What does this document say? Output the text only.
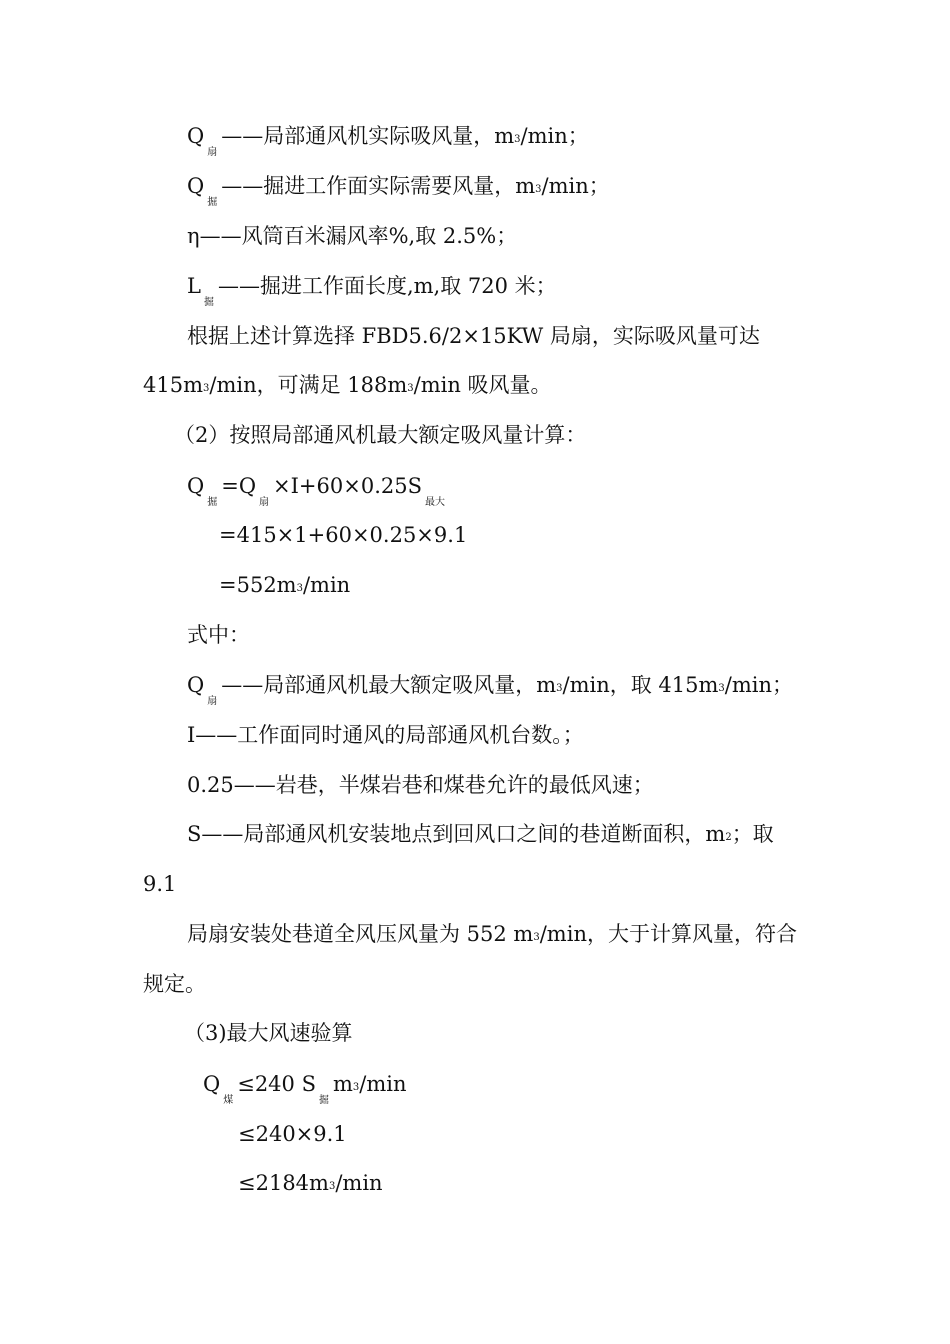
$Q_扇——$局部通风机实际吸风量，m3/min；
$Q_掘——$掘进工作面实际需要风量，m3/min；
η——风筒百米漏风率%,取 2.5%；
$L_掘——$掘进工作面长度,m,取 720 米；
根据上述计算选择 FBD5.6/2×15KW 局扇，实际吸风量可达
415m3/min，可满足 188m3/min 吸风量。
（2）按照局部通风机最大额定吸风量计算：
$Q_掘=Q_扇\times Ⅰ+60\times 0.25S_{最大}$
=415×1+60×0.25×9.1
=552m3/min
式中：
$Q_扇——$局部通风机最大额定吸风量，m3/min，取 415m3/min；
I——工作面同时通风的局部通风机台数。；
0.25——岩巷，半煤岩巷和煤巷允许的最低风速；
S——局部通风机安装地点到回风口之间的巷道断面积，m2；取
9.1
局扇安装处巷道全风压风量为 552 m3/min，大于计算风量，符合
规定。
（3)最大风速验算
$Q_煤\le 240$ $S_掘m3/\min$
≤240×9.1
≤2184m3/min
